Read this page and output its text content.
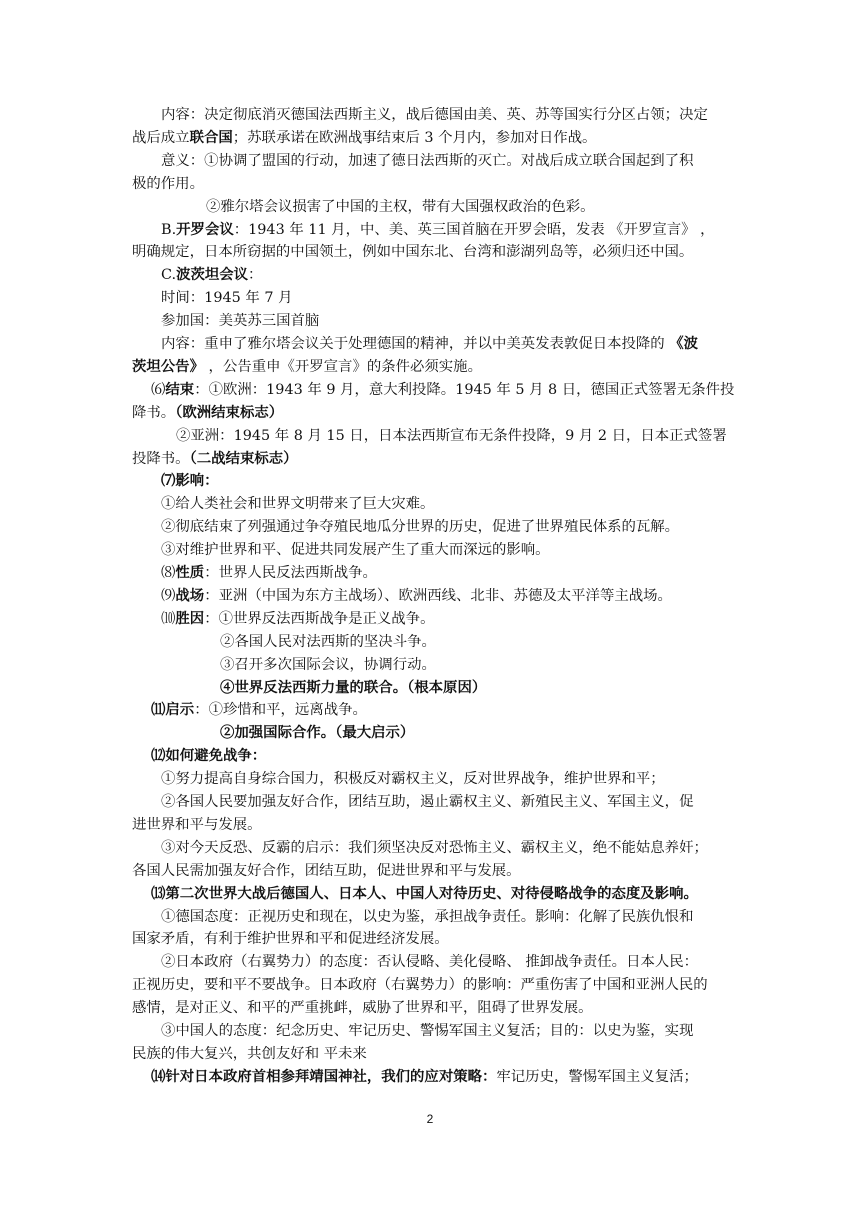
内容：决定彻底消灭德国法西斯主义，战后德国由美、英、苏等国实行分区占领；决定
战后成立联合国；苏联承诺在欧洲战事结束后 3 个月内，参加对日作战。
意义：①协调了盟国的行动，加速了德日法西斯的灭亡。对战后成立联合国起到了积
极的作用。
②雅尔塔会议损害了中国的主权，带有大国强权政治的色彩。
B.开罗会议：1943 年 11 月，中、美、英三国首脑在开罗会晤，发表 《开罗宣言》 ，
明确规定，日本所窃据的中国领土，例如中国东北、台湾和澎湖列岛等，必须归还中国。
C.波茨坦会议：
时间：1945 年 7 月
参加国：美英苏三国首脑
内容：重申了雅尔塔会议关于处理德国的精神，并以中美英发表敦促日本投降的 《波
茨坦公告》 ，公告重申《开罗宣言》的条件必须实施。
⑹结束：①欧洲：1943 年 9 月，意大利投降。1945 年 5 月 8 日，德国正式签署无条件投
降书。（欧洲结束标志）
②亚洲：1945 年 8 月 15 日，日本法西斯宣布无条件投降，9 月 2 日，日本正式签署
投降书。（二战结束标志）
⑺影响：
①给人类社会和世界文明带来了巨大灾难。
②彻底结束了列强通过争夺殖民地瓜分世界的历史，促进了世界殖民体系的瓦解。
③对维护世界和平、促进共同发展产生了重大而深远的影响。
⑻性质：世界人民反法西斯战争。
⑼战场：亚洲（中国为东方主战场）、欧洲西线、北非、苏德及太平洋等主战场。
⑽胜因：①世界反法西斯战争是正义战争。
②各国人民对法西斯的坚决斗争。
③召开多次国际会议，协调行动。
④世界反法西斯力量的联合。（根本原因）
⑾启示：①珍惜和平，远离战争。
②加强国际合作。（最大启示）
⑿如何避免战争：
①努力提高自身综合国力，积极反对霸权主义，反对世界战争，维护世界和平；
②各国人民要加强友好合作，团结互助，遏止霸权主义、新殖民主义、军国主义，促
进世界和平与发展。
③对今天反恐、反霸的启示：我们须坚决反对恐怖主义、霸权主义，绝不能姑息养奸；
各国人民需加强友好合作，团结互助，促进世界和平与发展。
⒀第二次世界大战后德国人、日本人、中国人对待历史、对待侵略战争的态度及影响。
①德国态度：正视历史和现在，以史为鉴，承担战争责任。影响：化解了民族仇恨和
国家矛盾，有利于维护世界和平和促进经济发展。
②日本政府（右翼势力）的态度：否认侵略、美化侵略、 推卸战争责任。日本人民：
正视历史，要和平不要战争。日本政府（右翼势力）的影响：严重伤害了中国和亚洲人民的
感情，是对正义、和平的严重挑衅，威胁了世界和平，阻碍了世界发展。
③中国人的态度：纪念历史、牢记历史、警惕军国主义复活；目的：以史为鉴，实现
民族的伟大复兴，共创友好和 平未来
⒁针对日本政府首相参拜靖国神社，我们的应对策略：牢记历史，警惕军国主义复活；
2
